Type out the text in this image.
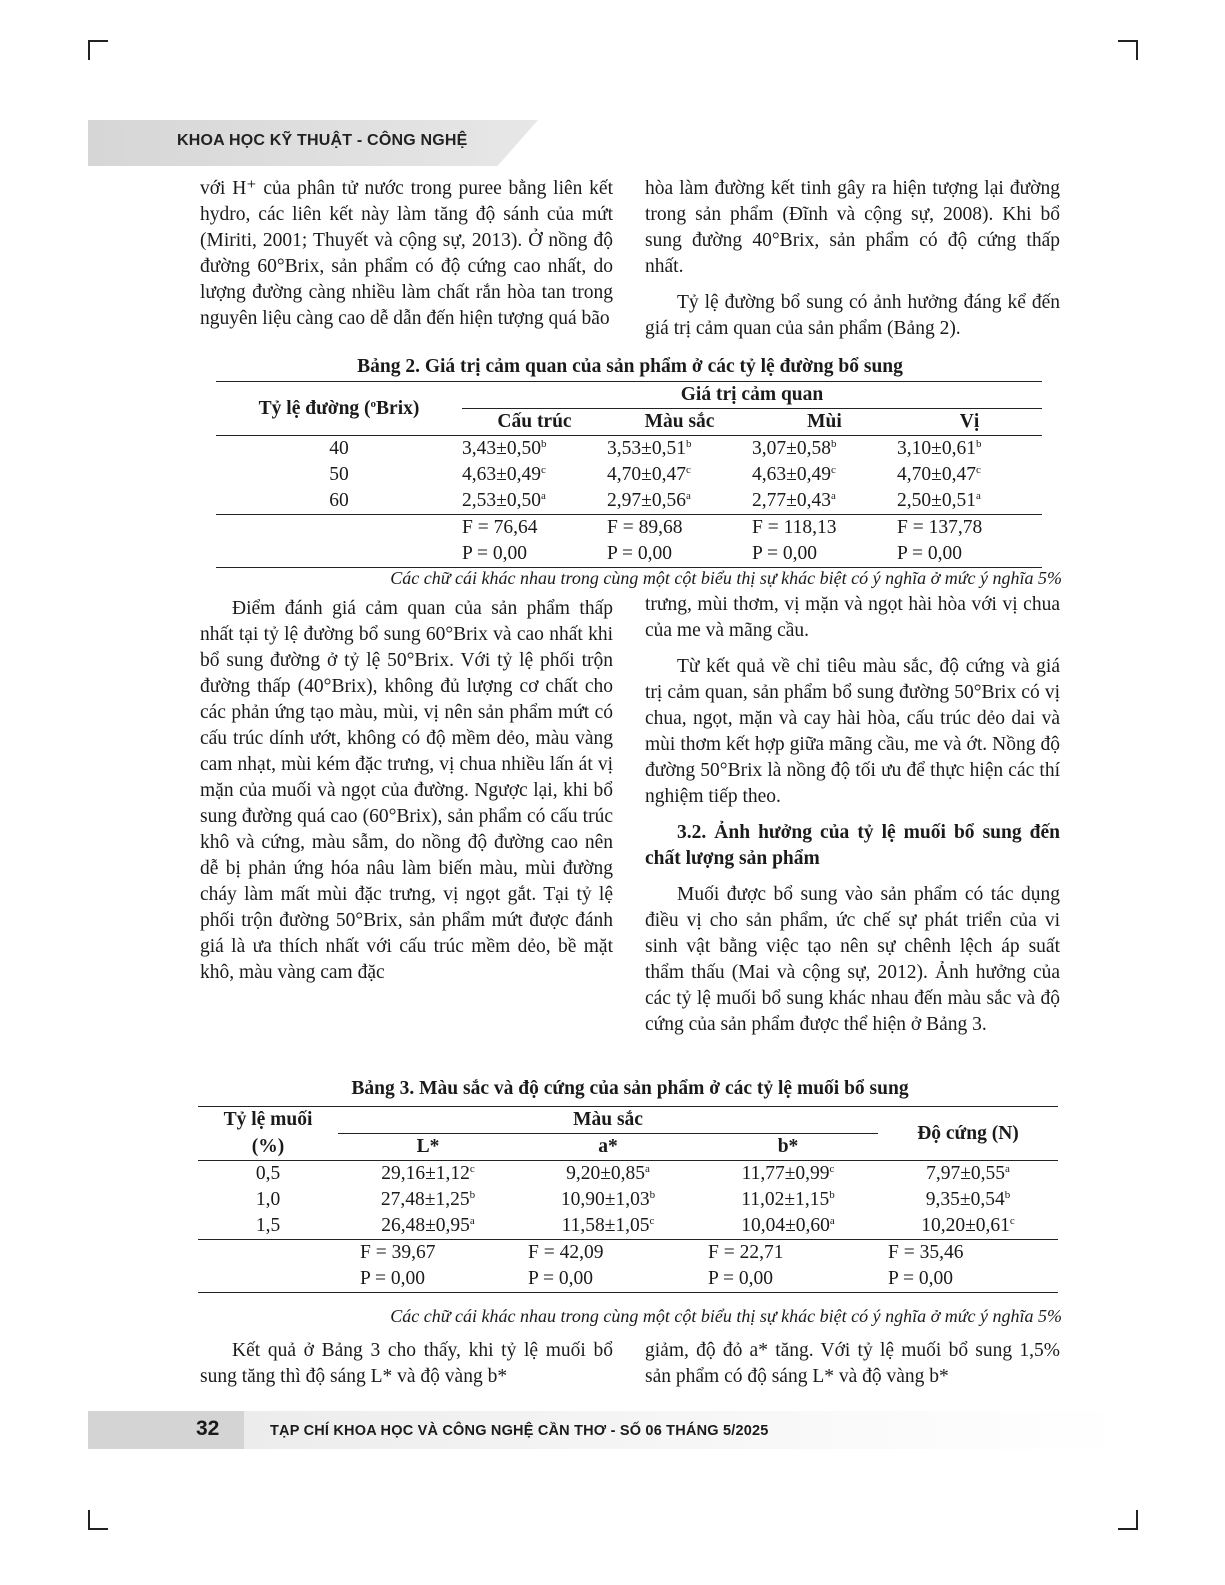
KHOA HỌC KỸ THUẬT - CÔNG NGHỆ

với H⁺ của phân tử nước trong puree bằng liên kết hydro, các liên kết này làm tăng độ sánh của mứt (Miriti, 2001; Thuyết và cộng sự, 2013). Ở nồng độ đường 60°Brix, sản phẩm có độ cứng cao nhất, do lượng đường càng nhiều làm chất rắn hòa tan trong nguyên liệu càng cao dễ dẫn đến hiện tượng quá bão

hòa làm đường kết tinh gây ra hiện tượng lại đường trong sản phẩm (Đĩnh và cộng sự, 2008). Khi bổ sung đường 40°Brix, sản phẩm có độ cứng thấp nhất.

Tỷ lệ đường bổ sung có ảnh hưởng đáng kể đến giá trị cảm quan của sản phẩm (Bảng 2).

Bảng 2. Giá trị cảm quan của sản phẩm ở các tỷ lệ đường bổ sung
Tỷ lệ đường ($^o$Brix)	Giá trị cảm quan			
	Cấu trúc	Màu sắc	Mùi	Vị
40	3,43±0,50$^b$	3,53±0,51$^b$	3,07±0,58$^b$	3,10±0,61$^b$
50	4,63±0,49$^c$	4,70±0,47$^c$	4,63±0,49$^c$	4,70±0,47$^c$
60	2,53±0,50$^a$	2,97±0,56$^a$	2,77±0,43$^a$	2,50±0,51$^a$
	F = 76,64	F = 89,68	F = 118,13	F = 137,78
	P = 0,00	P = 0,00	P = 0,00	P = 0,00
Các chữ cái khác nhau trong cùng một cột biểu thị sự khác biệt có ý nghĩa ở mức ý nghĩa 5%

Điểm đánh giá cảm quan của sản phẩm thấp nhất tại tỷ lệ đường bổ sung 60°Brix và cao nhất khi bổ sung đường ở tỷ lệ 50°Brix. Với tỷ lệ phối trộn đường thấp (40°Brix), không đủ lượng cơ chất cho các phản ứng tạo màu, mùi, vị nên sản phẩm mứt có cấu trúc dính ướt, không có độ mềm dẻo, màu vàng cam nhạt, mùi kém đặc trưng, vị chua nhiều lấn át vị mặn của muối và ngọt của đường. Ngược lại, khi bổ sung đường quá cao (60°Brix), sản phẩm có cấu trúc khô và cứng, màu sẫm, do nồng độ đường cao nên dễ bị phản ứng hóa nâu làm biến màu, mùi đường cháy làm mất mùi đặc trưng, vị ngọt gắt. Tại tỷ lệ phối trộn đường 50°Brix, sản phẩm mứt được đánh giá là ưa thích nhất với cấu trúc mềm dẻo, bề mặt khô, màu vàng cam đặc

trưng, mùi thơm, vị mặn và ngọt hài hòa với vị chua của me và mãng cầu.

Từ kết quả về chỉ tiêu màu sắc, độ cứng và giá trị cảm quan, sản phẩm bổ sung đường 50°Brix có vị chua, ngọt, mặn và cay hài hòa, cấu trúc dẻo dai và mùi thơm kết hợp giữa mãng cầu, me và ớt. Nồng độ đường 50°Brix là nồng độ tối ưu để thực hiện các thí nghiệm tiếp theo.

3.2. Ảnh hưởng của tỷ lệ muối bổ sung đến chất lượng sản phẩm

Muối được bổ sung vào sản phẩm có tác dụng điều vị cho sản phẩm, ức chế sự phát triển của vi sinh vật bằng việc tạo nên sự chênh lệch áp suất thẩm thấu (Mai và cộng sự, 2012). Ảnh hưởng của các tỷ lệ muối bổ sung khác nhau đến màu sắc và độ cứng của sản phẩm được thể hiện ở Bảng 3.

Bảng 3. Màu sắc và độ cứng của sản phẩm ở các tỷ lệ muối bổ sung
Tỷ lệ muối	Màu sắc			Độ cứng (N)
(%)	L*	a*	b*	
0,5	29,16±1,12$^c$	9,20±0,85$^a$	11,77±0,99$^c$	7,97±0,55$^a$
1,0	27,48±1,25$^b$	10,90±1,03$^b$	11,02±1,15$^b$	9,35±0,54$^b$
1,5	26,48±0,95$^a$	11,58±1,05$^c$	10,04±0,60$^a$	10,20±0,61$^c$
	F = 39,67	F = 42,09	F = 22,71	F = 35,46
	P = 0,00	P = 0,00	P = 0,00	P = 0,00
Các chữ cái khác nhau trong cùng một cột biểu thị sự khác biệt có ý nghĩa ở mức ý nghĩa 5%

Kết quả ở Bảng 3 cho thấy, khi tỷ lệ muối bổ sung tăng thì độ sáng L* và độ vàng b*

giảm, độ đỏ a* tăng. Với tỷ lệ muối bổ sung 1,5% sản phẩm có độ sáng L* và độ vàng b*

32	TẠP CHÍ KHOA HỌC VÀ CÔNG NGHỆ CẦN THƠ - SỐ 06 THÁNG 5/2025
